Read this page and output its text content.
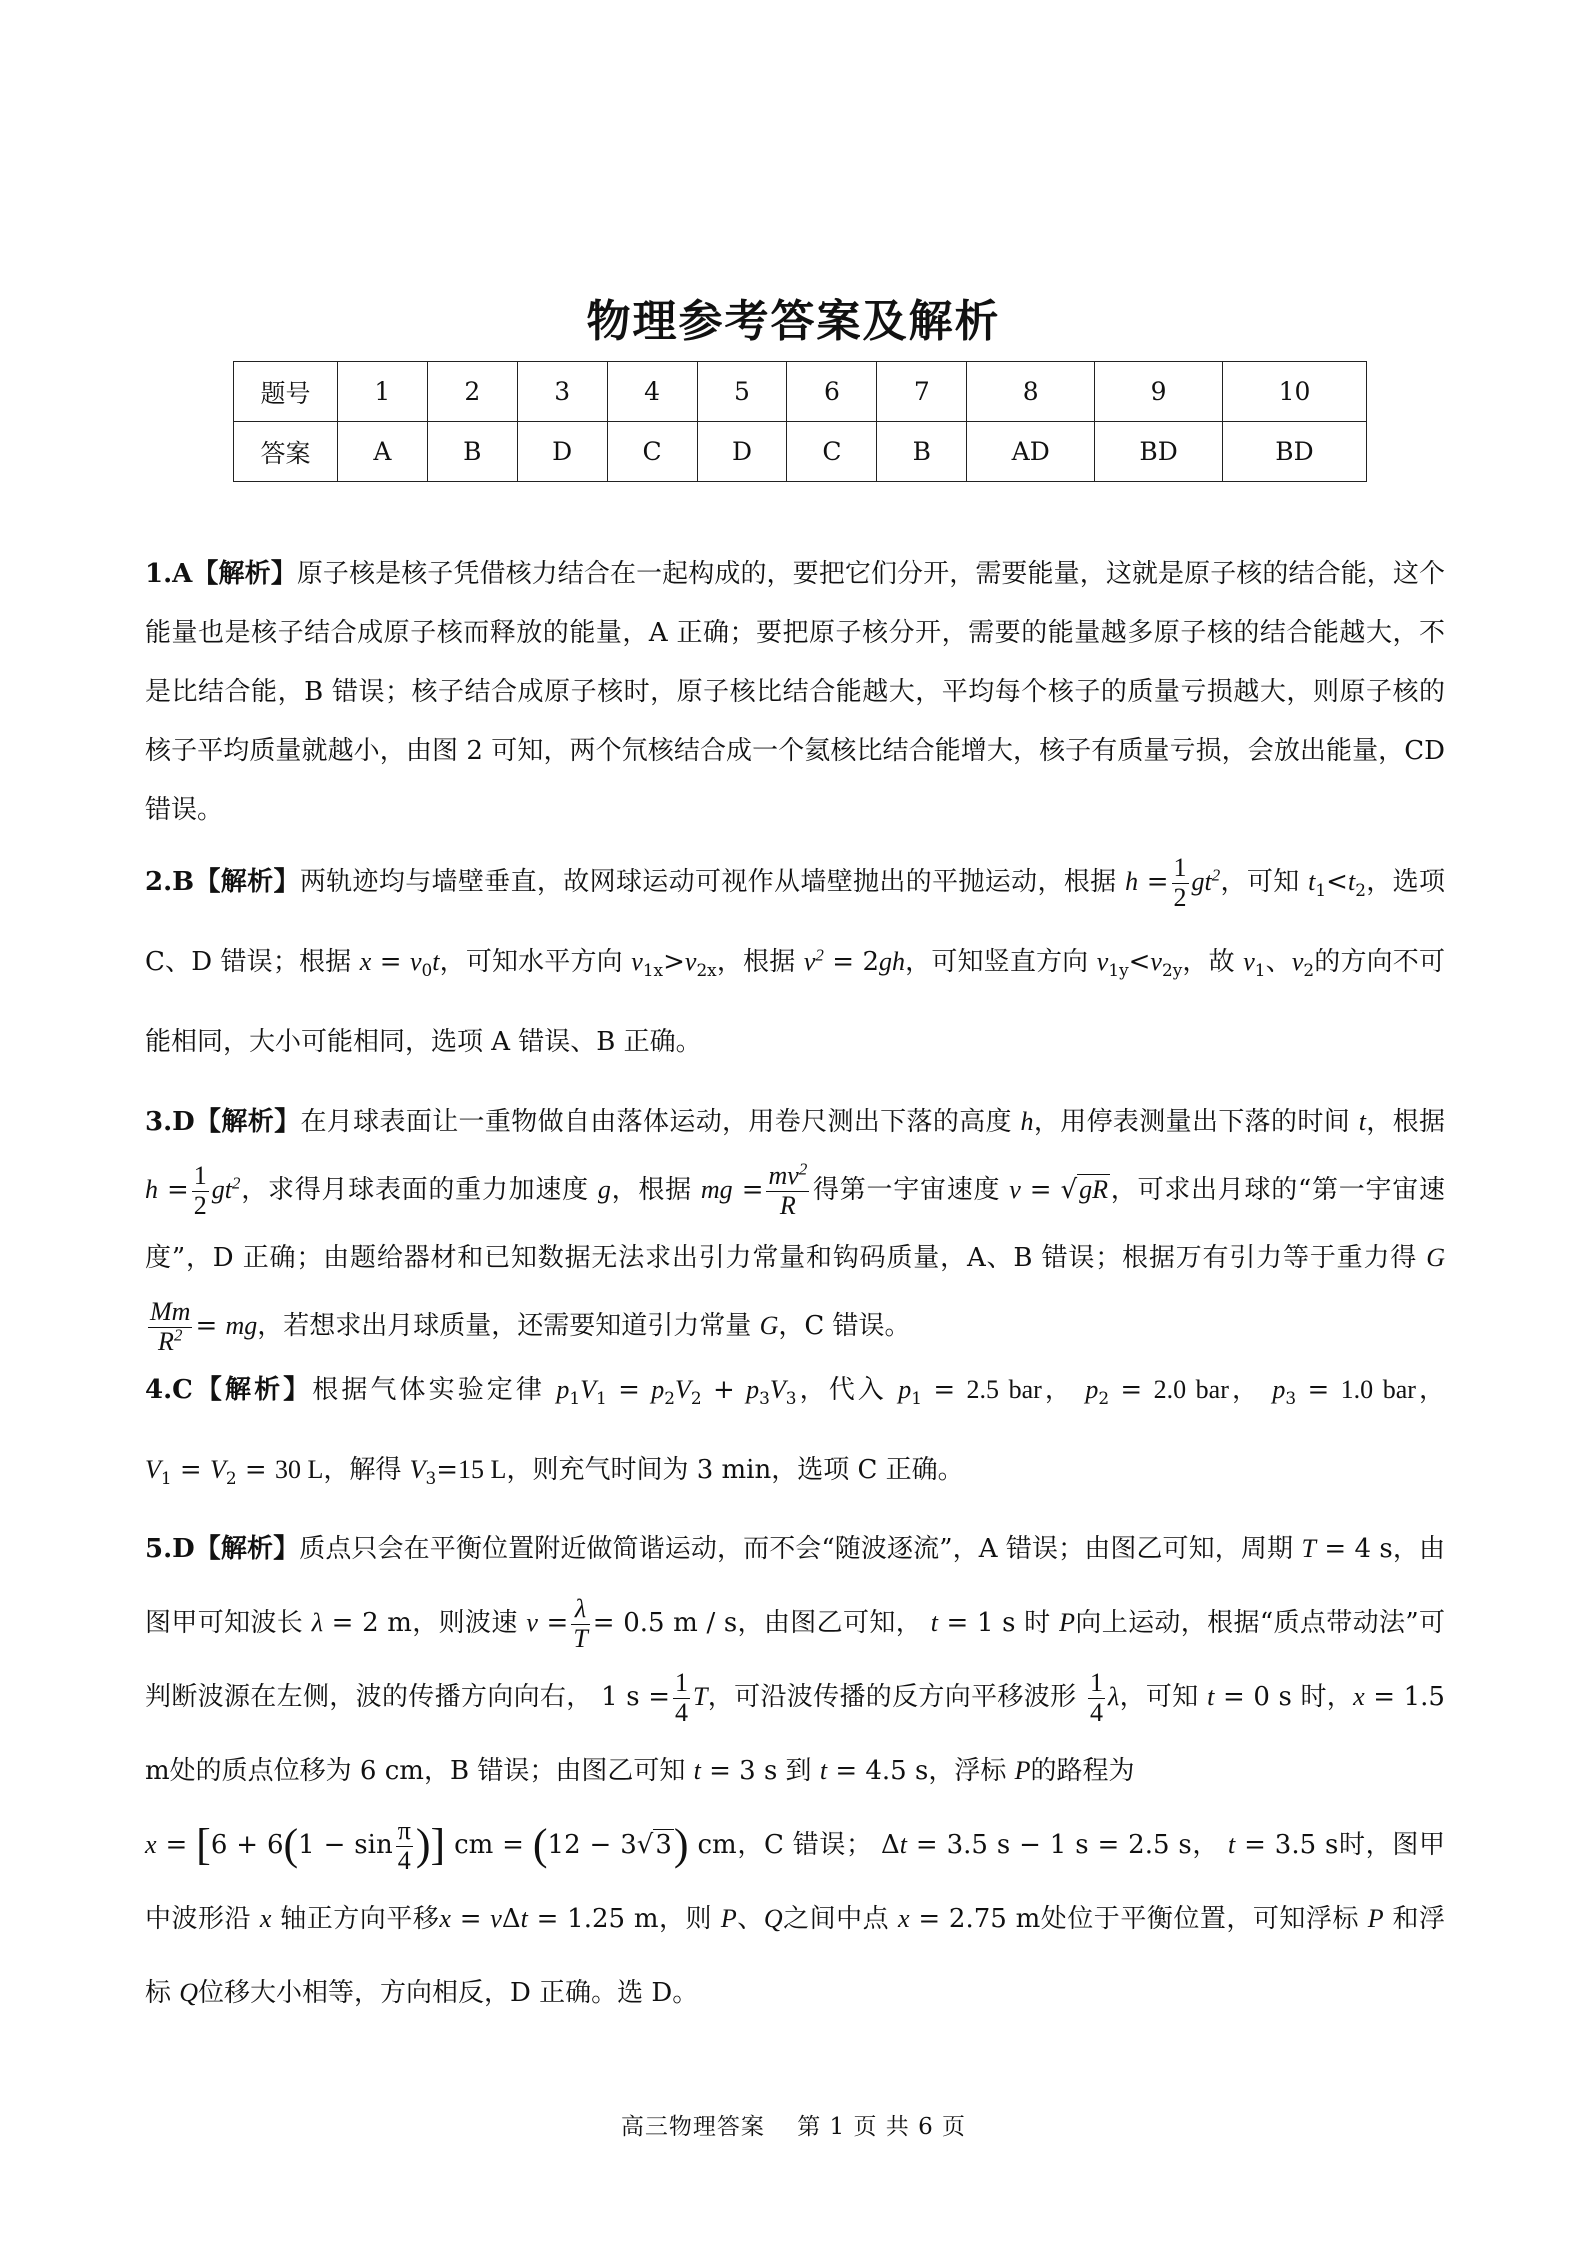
物理参考答案及解析
题号	1	2	3	4	5	6	7	8	9	10
答案	A	B	D	C	D	C	B	AD	BD	BD
1.A【解析】原子核是核子凭借核力结合在一起构成的，要把它们分开，需要能量，这就是原子核的结合能，这个能量也是核子结合成原子核而释放的能量，A 正确；要把原子核分开，需要的能量越多原子核的结合能越大，不是比结合能，B 错误；核子结合成原子核时，原子核比结合能越大，平均每个核子的质量亏损越大，则原子核的核子平均质量就越小，由图 2 可知，两个氘核结合成一个氦核比结合能增大，核子有质量亏损，会放出能量，CD 错误。
2.B【解析】两轨迹均与墙壁垂直，故网球运动可视作从墙壁抛出的平抛运动，根据 $h = \frac{1}{2} gt^2$，可知 $t_1<t_2$，选项 C、D 错误；根据 $x = v_0t$，可知水平方向 $v_{1x}>v_{2x}$，根据 $v^2 = 2gh$，可知竖直方向 $v_{1y}<v_{2y}$，故 $v_1$、$v_2$的方向不可能相同，大小可能相同，选项 A 错误、B 正确。
3.D【解析】在月球表面让一重物做自由落体运动，用卷尺测出下落的高度 h，用停表测量出下落的时间 t，根据 $h = \frac{1}{2} gt^2$，求得月球表面的重力加速度 g，根据 mg = $\frac{mv^2}{R}$ 得第一宇宙速度 v = √gR，可求出月球的“第一宇宙速度”，D 正确；由题给器材和已知数据无法求出引力常量和钩码质量，A、B 错误；根据万有引力等于重力得 G
$\frac{Mm}{R^2}$ = mg，若想求出月球质量，还需要知道引力常量 G，C 错误。
4.C【解析】根据气体实验定律 $p_1V_1 = p_2V_2 + p_3V_3$，代入 $p_1 = 2.5$ bar， $p_2 = 2.0$ bar， $p_3 = 1.0$ bar， $V_1 = V_2 = 30$ L，解得 $V_3=15$ L，则充气时间为 3 min，选项 C 正确。
5.D【解析】质点只会在平衡位置附近做简谐运动，而不会“随波逐流”，A 错误；由图乙可知，周期 T = 4 s，由图甲可知波长 λ = 2 m，则波速 $v = \frac{\lambda}{T} = 0.5$ m / s，由图乙可知， t = 1 s 时 P向上运动，根据“质点带动法”可判断波源在左侧，波的传播方向向右， 1 $s = \frac{1}{4}$ T，可沿波传播的反方向平移波形 $\frac{1}{4}$ λ，可知 t = 0 s 时，x = 1.5 m处的质点位移为 6 cm，B 错误；由图乙可知 t = 3 s 到 t = 4.5 s，浮标 P的路程为
$x = [6 + 6(1 - \sin \frac{\pi}{4}$ )] cm = (12 − 3√3) cm，C 错误； Δt = 3.5 s − 1 s = 2.5 s， t = 3.5 s时，图甲中波形沿 x 轴正方向平移x = vΔt = 1.25 m，则 P、Q之间中点 x = 2.75 m处位于平衡位置，可知浮标 P 和浮标 Q位移大小相等，方向相反，D 正确。选 D。
高三物理答案　 第 1 页 共 6 页
